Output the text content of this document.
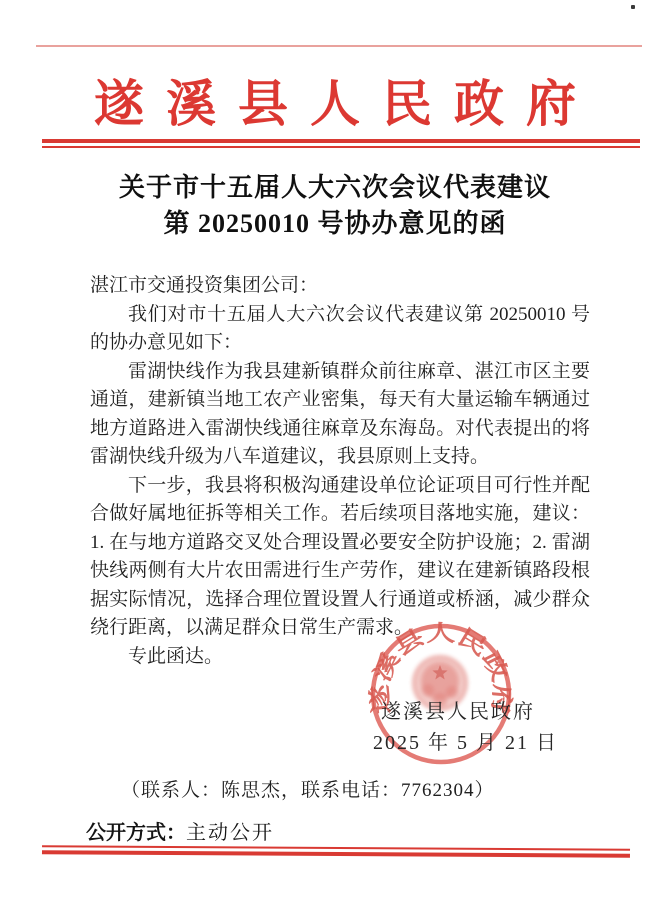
遂溪县人民政府
关于市十五届人大六次会议代表建议
第 20250010 号协办意见的函

湛江市交通投资集团公司：

我们对市十五届人大六次会议代表建议第 20250010 号的协办意见如下：

雷湖快线作为我县建新镇群众前往麻章、湛江市区主要通道，建新镇当地工农产业密集，每天有大量运输车辆通过地方道路进入雷湖快线通往麻章及东海岛。对代表提出的将雷湖快线升级为八车道建议，我县原则上支持。

下一步，我县将积极沟通建设单位论证项目可行性并配合做好属地征拆等相关工作。若后续项目落地实施，建议：1. 在与地方道路交叉处合理设置必要安全防护设施；2. 雷湖快线两侧有大片农田需进行生产劳作，建议在建新镇路段根据实际情况，选择合理位置设置人行通道或桥涵，减少群众绕行距离，以满足群众日常生产需求。

专此函达。

遂溪县人民政府
遂溪县人民政府
2025 年 5 月 21 日
（联系人：陈思杰，联系电话：7762304）
公开方式：主动公开
